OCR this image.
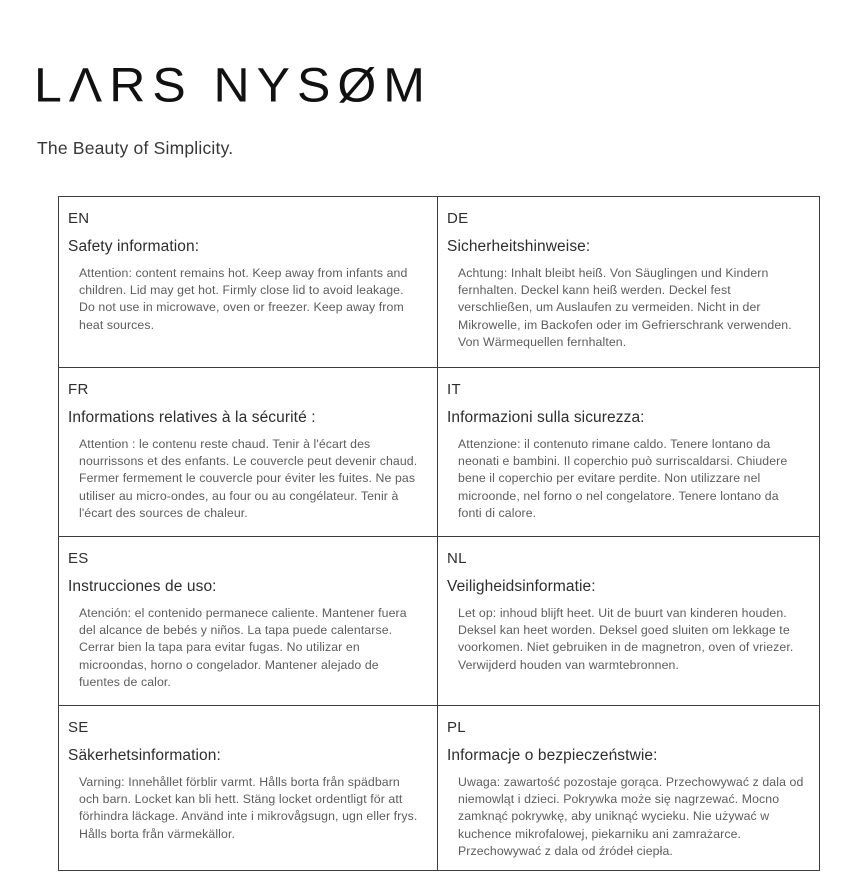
LΛRS NYSØM
The Beauty of Simplicity.
EN
Safety information:
Attention: content remains hot. Keep away from infants and children. Lid may get hot. Firmly close lid to avoid leakage. Do not use in microwave, oven or freezer. Keep away from heat sources.
DE
Sicherheitshinweise:
Achtung: Inhalt bleibt heiß. Von Säuglingen und Kindern fernhalten. Deckel kann heiß werden. Deckel fest verschließen, um Auslaufen zu vermeiden. Nicht in der Mikrowelle, im Backofen oder im Gefrierschrank verwenden. Von Wärmequellen fernhalten.
FR
Informations relatives à la sécurité :
Attention : le contenu reste chaud. Tenir à l'écart des nourrissons et des enfants. Le couvercle peut devenir chaud. Fermer fermement le couvercle pour éviter les fuites. Ne pas utiliser au micro-ondes, au four ou au congélateur. Tenir à l'écart des sources de chaleur.
IT
Informazioni sulla sicurezza:
Attenzione: il contenuto rimane caldo. Tenere lontano da neonati e bambini. Il coperchio può surriscaldarsi. Chiudere bene il coperchio per evitare perdite. Non utilizzare nel microonde, nel forno o nel congelatore. Tenere lontano da fonti di calore.
ES
Instrucciones de uso:
Atención: el contenido permanece caliente. Mantener fuera del alcance de bebés y niños. La tapa puede calentarse. Cerrar bien la tapa para evitar fugas. No utilizar en microondas, horno o congelador. Mantener alejado de fuentes de calor.
NL
Veiligheidsinformatie:
Let op: inhoud blijft heet. Uit de buurt van kinderen houden. Deksel kan heet worden. Deksel goed sluiten om lekkage te voorkomen. Niet gebruiken in de magnetron, oven of vriezer. Verwijderd houden van warmtebronnen.
SE
Säkerhetsinformation:
Varning: Innehållet förblir varmt. Hålls borta från spädbarn och barn. Locket kan bli hett. Stäng locket ordentligt för att förhindra läckage. Använd inte i mikrovågsugn, ugn eller frys. Hålls borta från värmekällor.
PL
Informacje o bezpieczeństwie:
Uwaga: zawartość pozostaje gorąca. Przechowywać z dala od niemowląt i dzieci. Pokrywka może się nagrzewać. Mocno zamknąć pokrywkę, aby uniknąć wycieku. Nie używać w kuchence mikrofalowej, piekarniku ani zamrażarce. Przechowywać z dala od źródeł ciepła.
